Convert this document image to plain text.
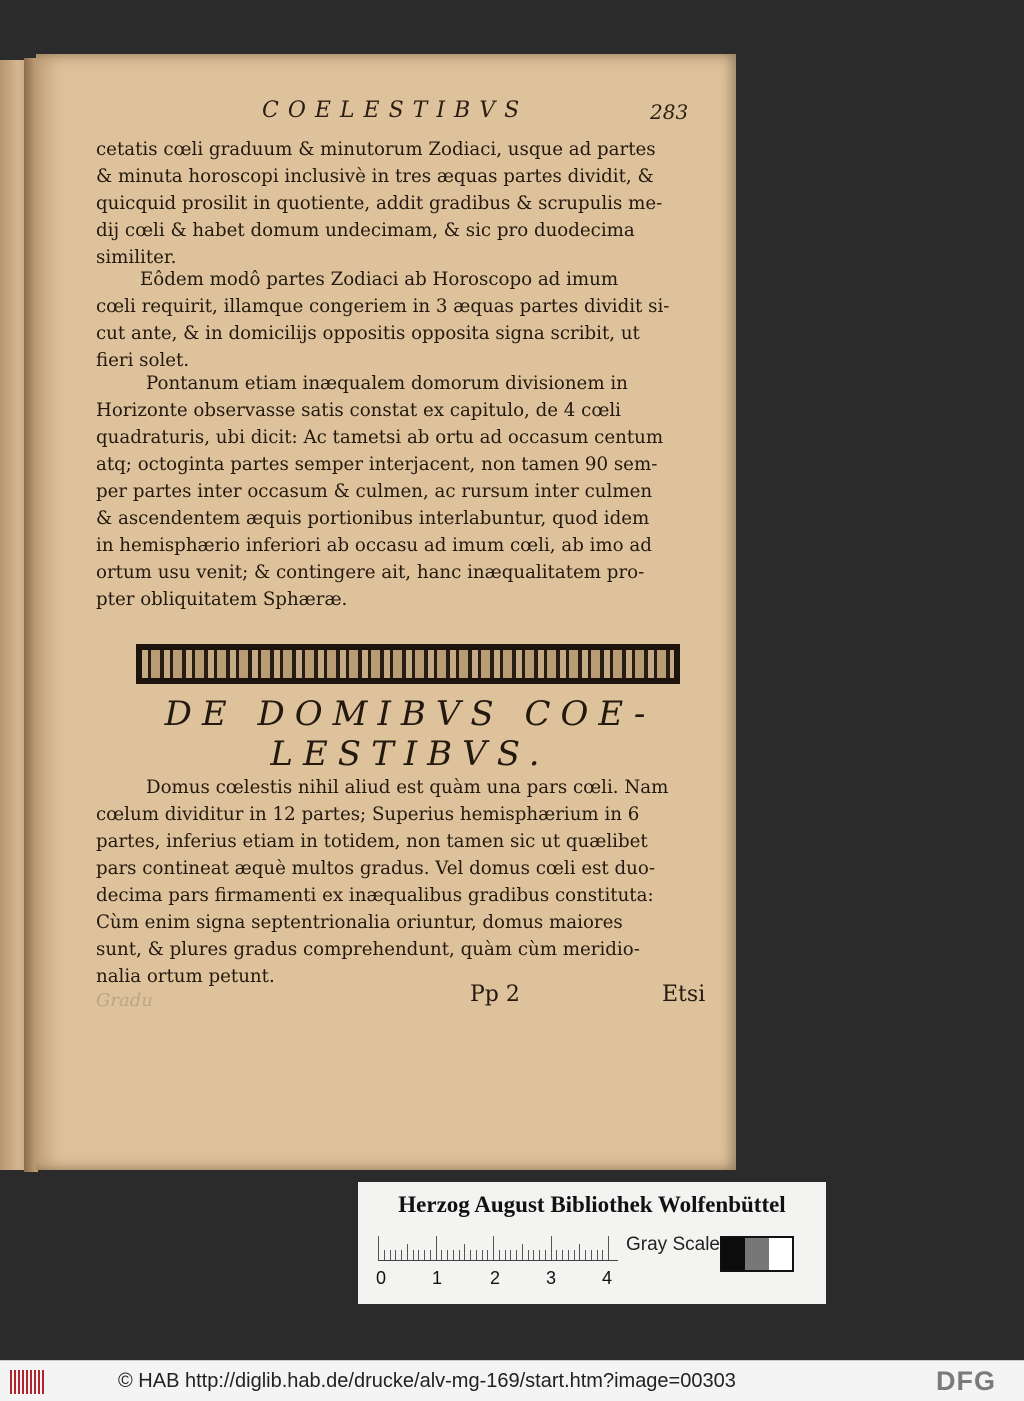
COELESTIBVS	283
cetatis cœli graduum & minutorum Zodiaci, usque ad partes
& minuta horoscopi inclusivè in tres æquas partes dividit, &
quicquid prosilit in quotiente, addit gradibus & scrupulis me-
dij cœli & habet domum undecimam, & sic pro duodecima
similiter.
Eôdem modô partes Zodiaci ab Horoscopo ad imum
cœli requirit, illamque congeriem in 3 æquas partes dividit si-
cut ante, & in domicilijs oppositis opposita signa scribit, ut
fieri solet.
Pontanum etiam inæqualem domorum divisionem in
Horizonte observasse satis constat ex capitulo, de 4 cœli
quadraturis, ubi dicit: Ac tametsi ab ortu ad occasum centum
atq; octoginta partes semper interjacent, non tamen 90 sem-
per partes inter occasum & culmen, ac rursum inter culmen
& ascendentem æquis portionibus interlabuntur, quod idem
in hemisphærio inferiori ab occasu ad imum cœli, ab imo ad
ortum usu venit; & contingere ait, hanc inæqualitatem pro-
pter obliquitatem Sphæræ.
DE DOMIBVS COE-
LESTIBVS.
Domus cœlestis nihil aliud est quàm una pars cœli. Nam
cœlum dividitur in 12 partes; Superius hemisphærium in 6
partes, inferius etiam in totidem, non tamen sic ut quælibet
pars contineat æquè multos gradus. Vel domus cœli est duo-
decima pars firmamenti ex inæqualibus gradibus constituta:
Cùm enim signa septentrionalia oriuntur, domus maiores
sunt, & plures gradus comprehendunt, quàm cùm meridio-
nalia ortum petunt.
Gradu	Pp 2	Etsi
Herzog August Bibliothek Wolfenbüttel
0	1	2	3	4
Gray Scale
© HAB http://diglib.hab.de/drucke/alv-mg-169/start.htm?image=00303	DFG
